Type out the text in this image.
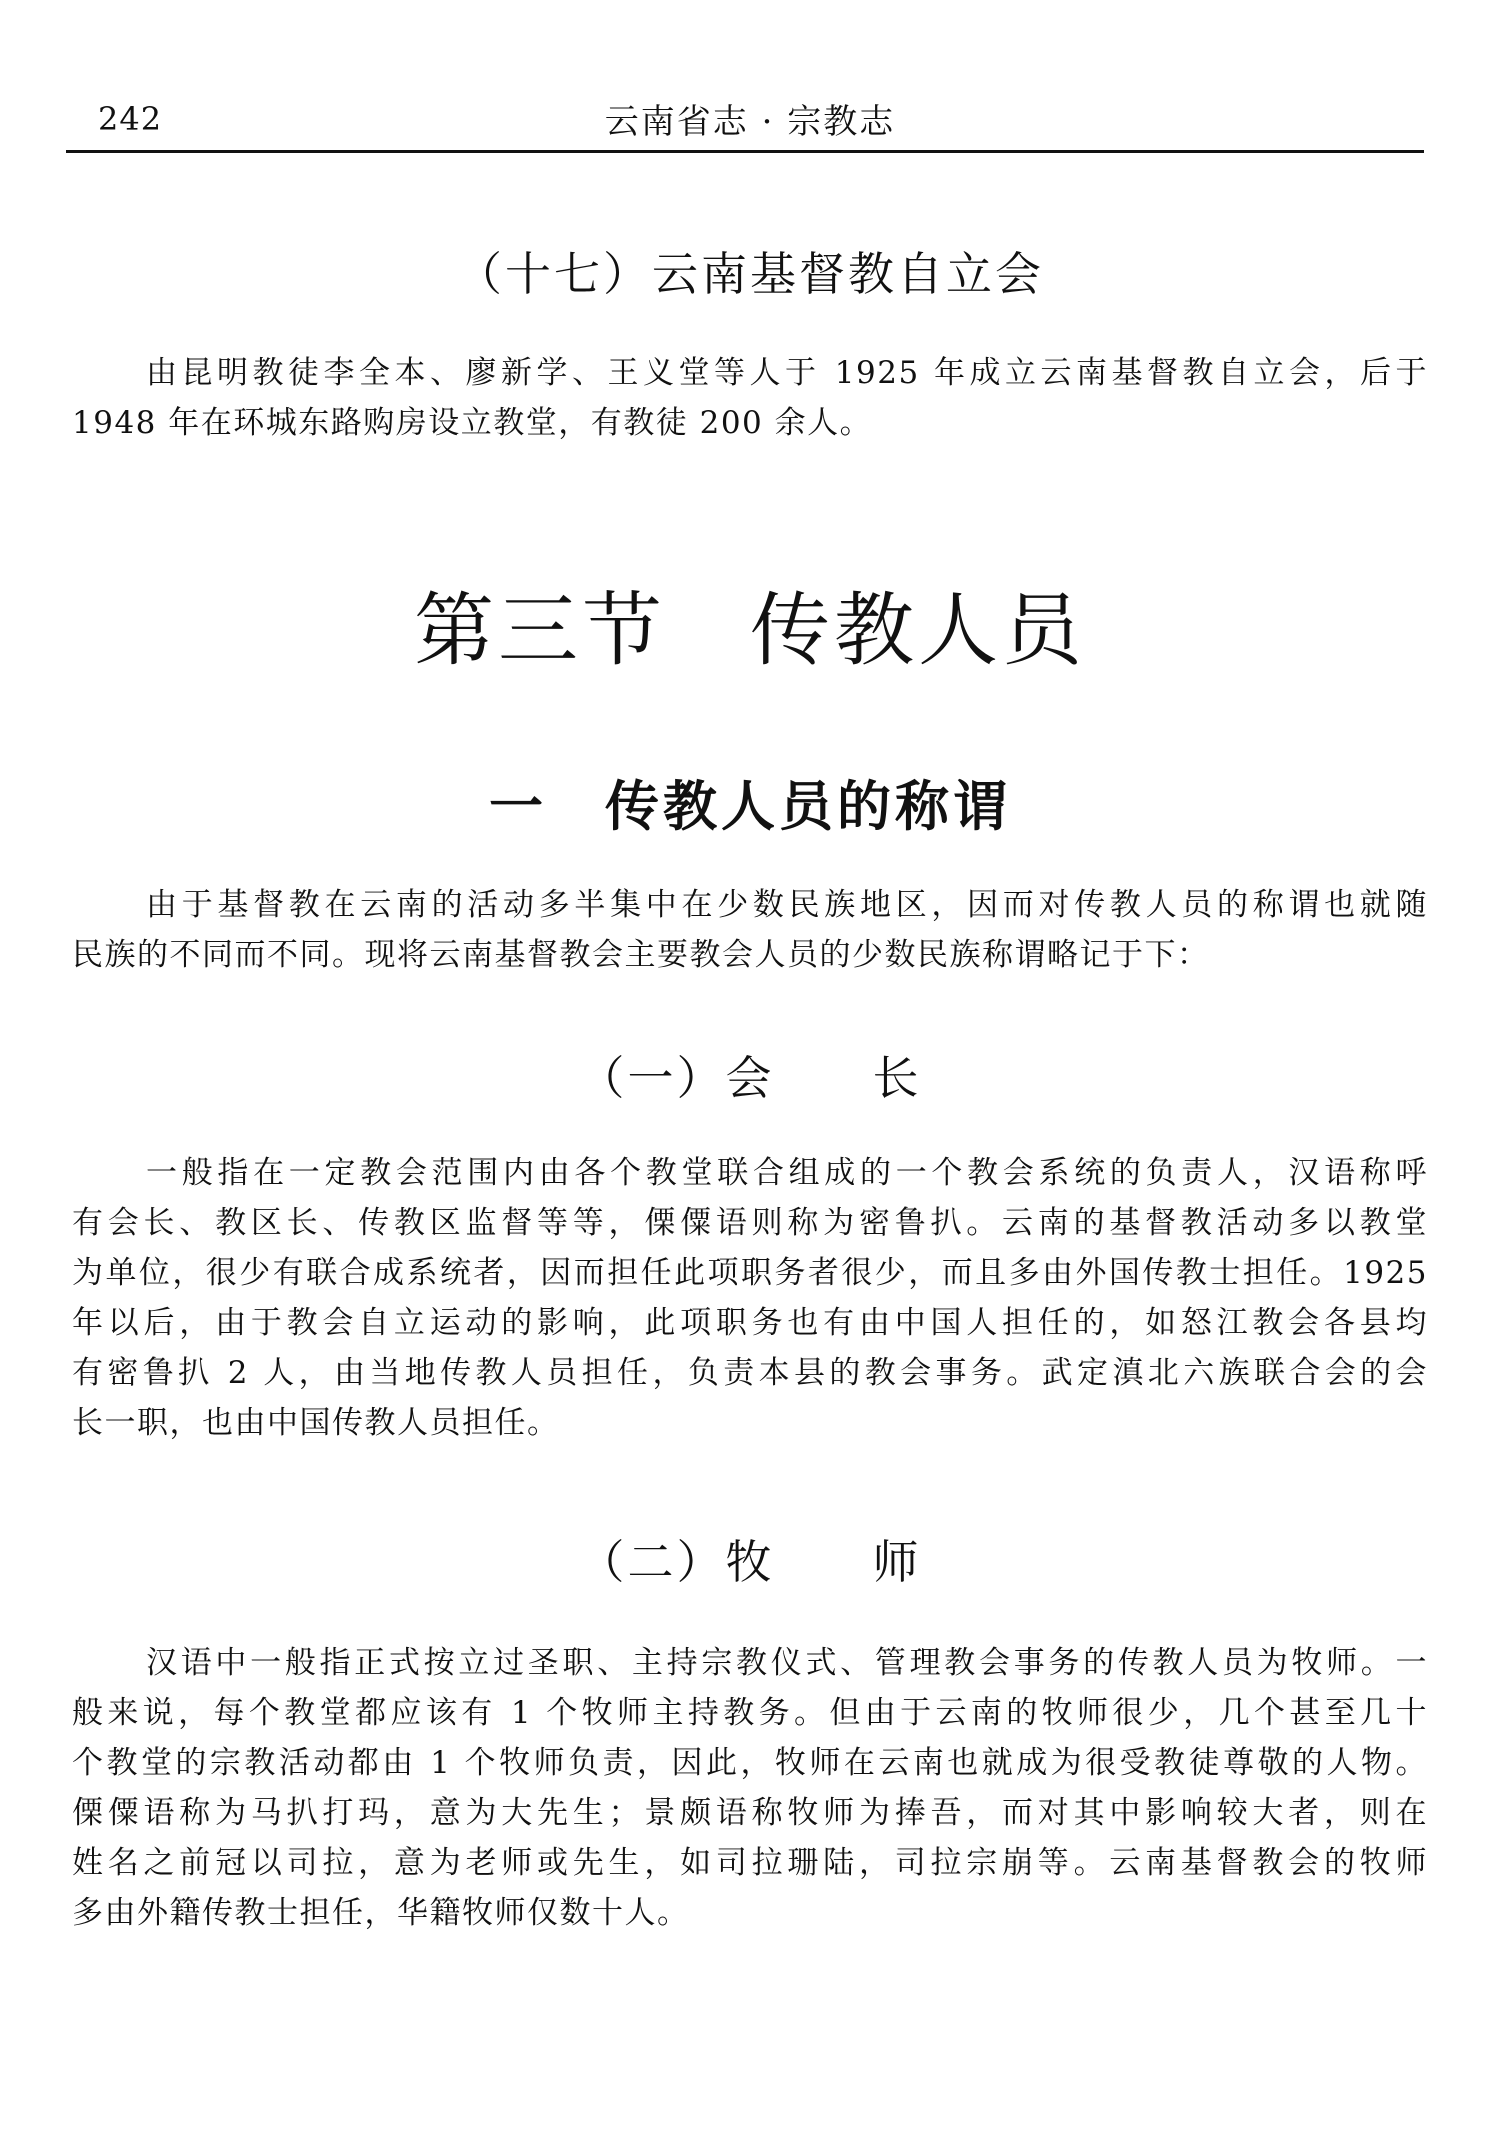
242	云南省志 · 宗教志
（十七）云南基督教自立会
由昆明教徒李全本、廖新学、王义堂等人于 1925 年成立云南基督教自立会，后于
1948 年在环城东路购房设立教堂，有教徒 200 余人。
第三节　传教人员
一　传教人员的称谓
由于基督教在云南的活动多半集中在少数民族地区，因而对传教人员的称谓也就随
民族的不同而不同。现将云南基督教会主要教会人员的少数民族称谓略记于下：
（一）会　　长
一般指在一定教会范围内由各个教堂联合组成的一个教会系统的负责人，汉语称呼
有会长、教区长、传教区监督等等，傈僳语则称为密鲁扒。云南的基督教活动多以教堂
为单位，很少有联合成系统者，因而担任此项职务者很少，而且多由外国传教士担任。1925
年以后，由于教会自立运动的影响，此项职务也有由中国人担任的，如怒江教会各县均
有密鲁扒 2 人，由当地传教人员担任，负责本县的教会事务。武定滇北六族联合会的会
长一职，也由中国传教人员担任。
（二）牧　　师
汉语中一般指正式按立过圣职、主持宗教仪式、管理教会事务的传教人员为牧师。一
般来说，每个教堂都应该有 1 个牧师主持教务。但由于云南的牧师很少，几个甚至几十
个教堂的宗教活动都由 1 个牧师负责，因此，牧师在云南也就成为很受教徒尊敬的人物。
傈僳语称为马扒打玛，意为大先生；景颇语称牧师为捧吾，而对其中影响较大者，则在
姓名之前冠以司拉，意为老师或先生，如司拉珊陆，司拉宗崩等。云南基督教会的牧师
多由外籍传教士担任，华籍牧师仅数十人。
